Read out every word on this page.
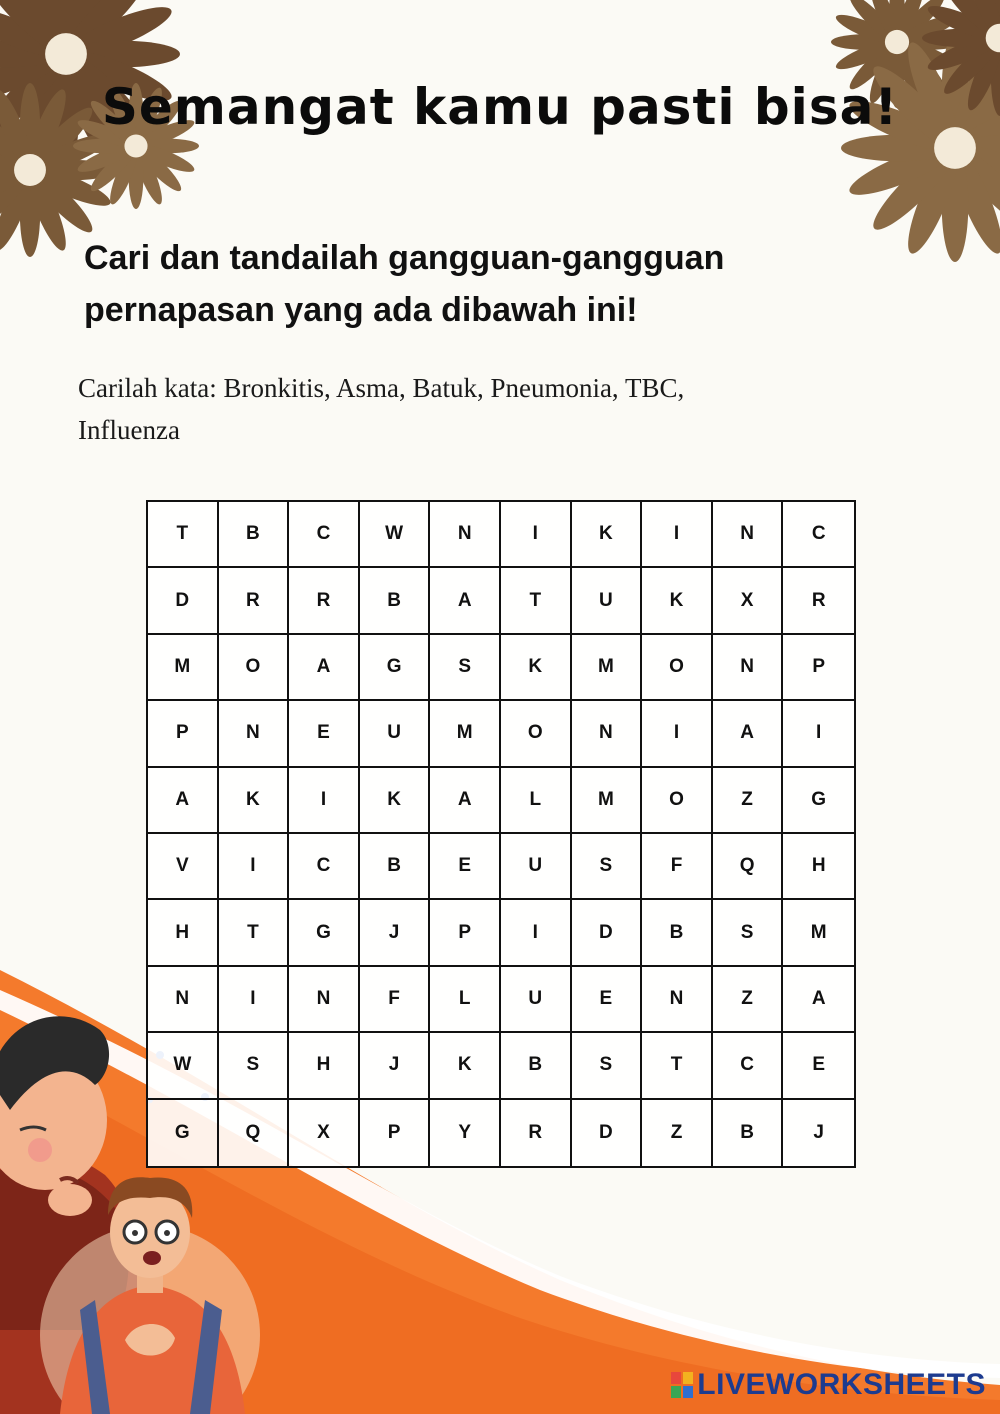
Semangat kamu pasti bisa!
Cari dan tandailah gangguan-gangguan
pernapasan yang ada dibawah ini!
Carilah kata: Bronkitis, Asma, Batuk, Pneumonia, TBC,
Influenza
T	B	C	W	N	I	K	I	N	C
D	R	R	B	A	T	U	K	X	R
M	O	A	G	S	K	M	O	N	P
P	N	E	U	M	O	N	I	A	I
A	K	I	K	A	L	M	O	Z	G
V	I	C	B	E	U	S	F	Q	H
H	T	G	J	P	I	D	B	S	M
N	I	N	F	L	U	E	N	Z	A
W	S	H	J	K	B	S	T	C	E
G	Q	X	P	Y	R	D	Z	B	J
LIVEWORKSHEETS
